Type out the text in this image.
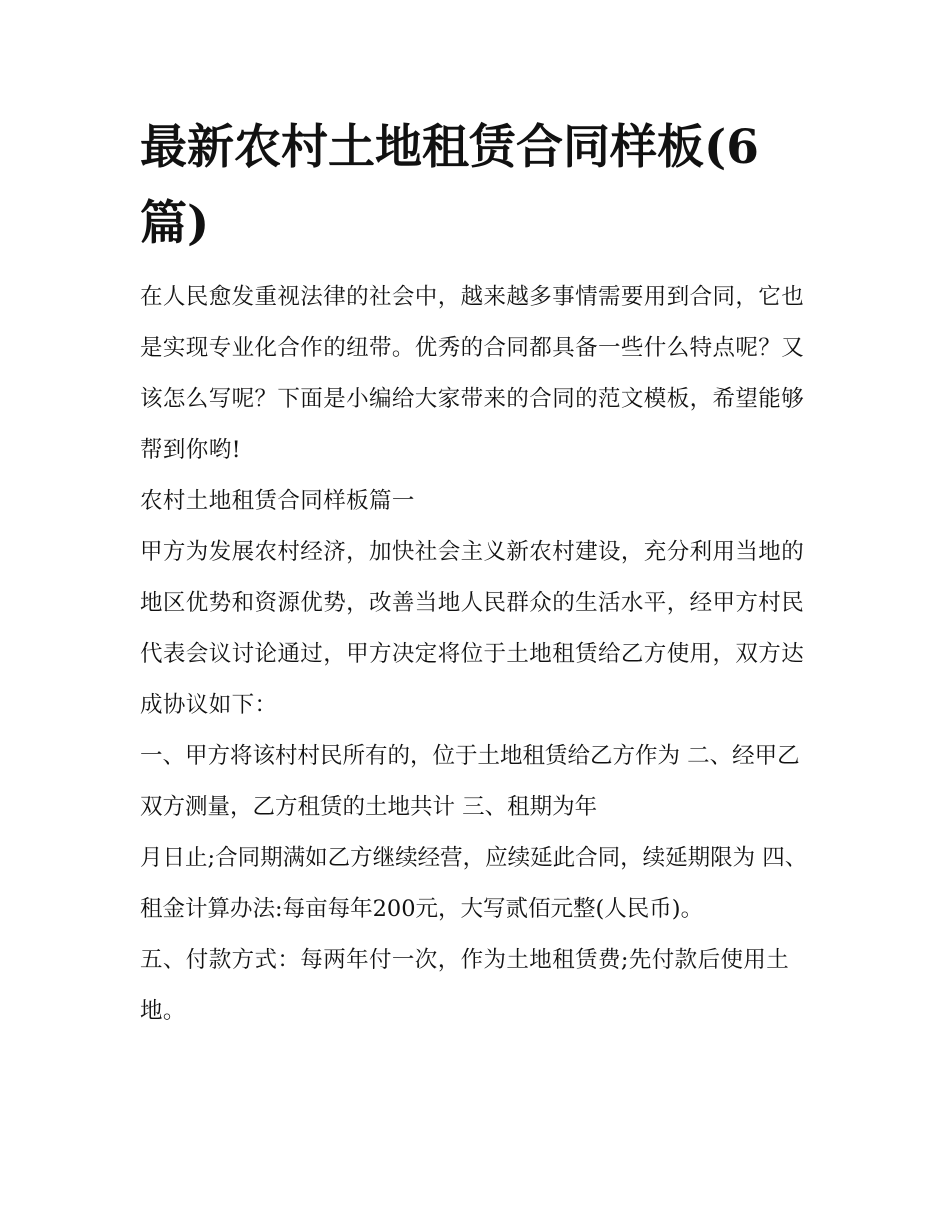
最新农村土地租赁合同样板(6篇)

在人民愈发重视法律的社会中，越来越多事情需要用到合同，它也是实现专业化合作的纽带。优秀的合同都具备一些什么特点呢？又该怎么写呢？下面是小编给大家带来的合同的范文模板，希望能够帮到你哟!

农村土地租赁合同样板篇一

甲方为发展农村经济，加快社会主义新农村建设，充分利用当地的地区优势和资源优势，改善当地人民群众的生活水平，经甲方村民代表会议讨论通过，甲方决定将位于土地租赁给乙方使用，双方达成协议如下：

一、甲方将该村村民所有的，位于土地租赁给乙方作为 二、经甲乙双方测量，乙方租赁的土地共计 三、租期为年

月日止;合同期满如乙方继续经营，应续延此合同，续延期限为 四、租金计算办法:每亩每年200元，大写贰佰元整(人民币)。

五、付款方式：每两年付一次，作为土地租赁费;先付款后使用土地。
